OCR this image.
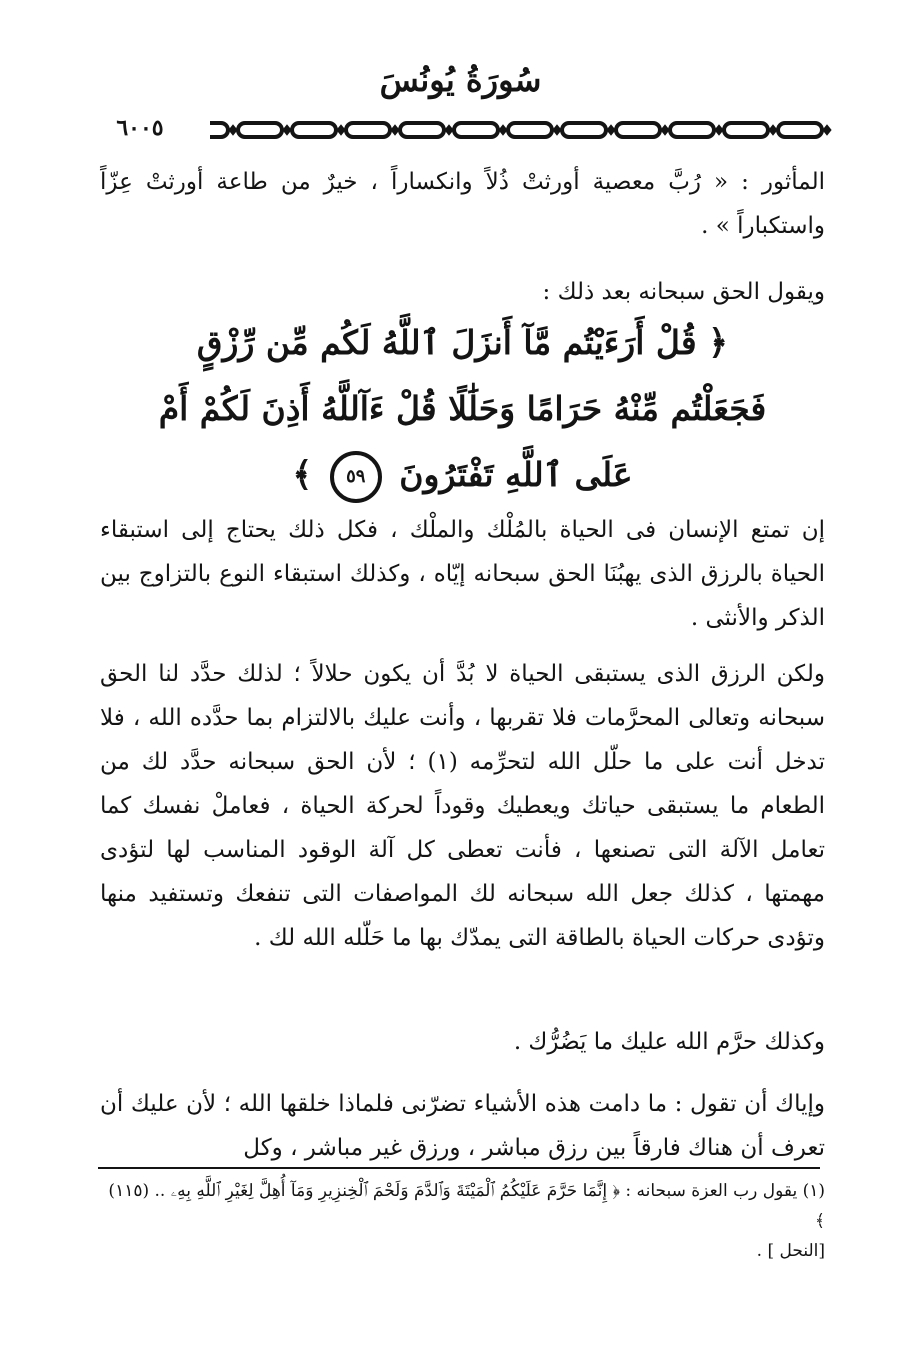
سُورَةُ يُونُسَ
٦٠٠٥

المأثور : « رُبَّ معصية أورثتْ ذُلاً وانكساراً ، خيرٌ من طاعة أورثتْ عِزّاً واستكباراً » .

ويقول الحق سبحانه بعد ذلك :

﴿ قُلْ أَرَءَيْتُم مَّآ أَنزَلَ ٱللَّهُ لَكُم مِّن رِّزْقٍ
فَجَعَلْتُم مِّنْهُ حَرَامًا وَحَلَٰلًا قُلْ ءَآللَّهُ أَذِنَ لَكُمْ أَمْ
عَلَى ٱللَّهِ تَفْتَرُونَ ٥٩ ﴾

إن تمتع الإنسان فى الحياة بالمُلْك والملْك ، فكل ذلك يحتاج إلى استبقاء الحياة بالرزق الذى يهبُنَا الحق سبحانه إيّاه ، وكذلك استبقاء النوع بالتزاوج بين الذكر والأنثى .

ولكن الرزق الذى يستبقى الحياة لا بُدَّ أن يكون حلالاً ؛ لذلك حدَّد لنا الحق سبحانه وتعالى المحرَّمات فلا تقربها ، وأنت عليك بالالتزام بما حدَّده الله ، فلا تدخل أنت على ما حلّل الله لتحرِّمه (١) ؛ لأن الحق سبحانه حدَّد لك من الطعام ما يستبقى حياتك ويعطيك وقوداً لحركة الحياة ، فعاملْ نفسك كما تعامل الآلة التى تصنعها ، فأنت تعطى كل آلة الوقود المناسب لها لتؤدى مهمتها ، كذلك جعل الله سبحانه لك المواصفات التى تنفعك وتستفيد منها وتؤدى حركات الحياة بالطاقة التى يمدّك بها ما حَلّله الله لك .

وكذلك حرَّم الله عليك ما يَضُرُّك .

وإياك أن تقول : ما دامت هذه الأشياء تضرّنى فلماذا خلقها الله ؛ لأن عليك أن تعرف أن هناك فارقاً بين رزق مباشر ، ورزق غير مباشر ، وكل

(١) يقول رب العزة سبحانه : ﴿ إِنَّمَا حَرَّمَ عَلَيْكُمُ ٱلْمَيْتَةَ وَٱلدَّمَ وَلَحْمَ ٱلْخِنزِيرِ وَمَآ أُهِلَّ لِغَيْرِ ٱللَّهِ بِهِۦ .. (١١٥) ﴾
[النحل ] .
